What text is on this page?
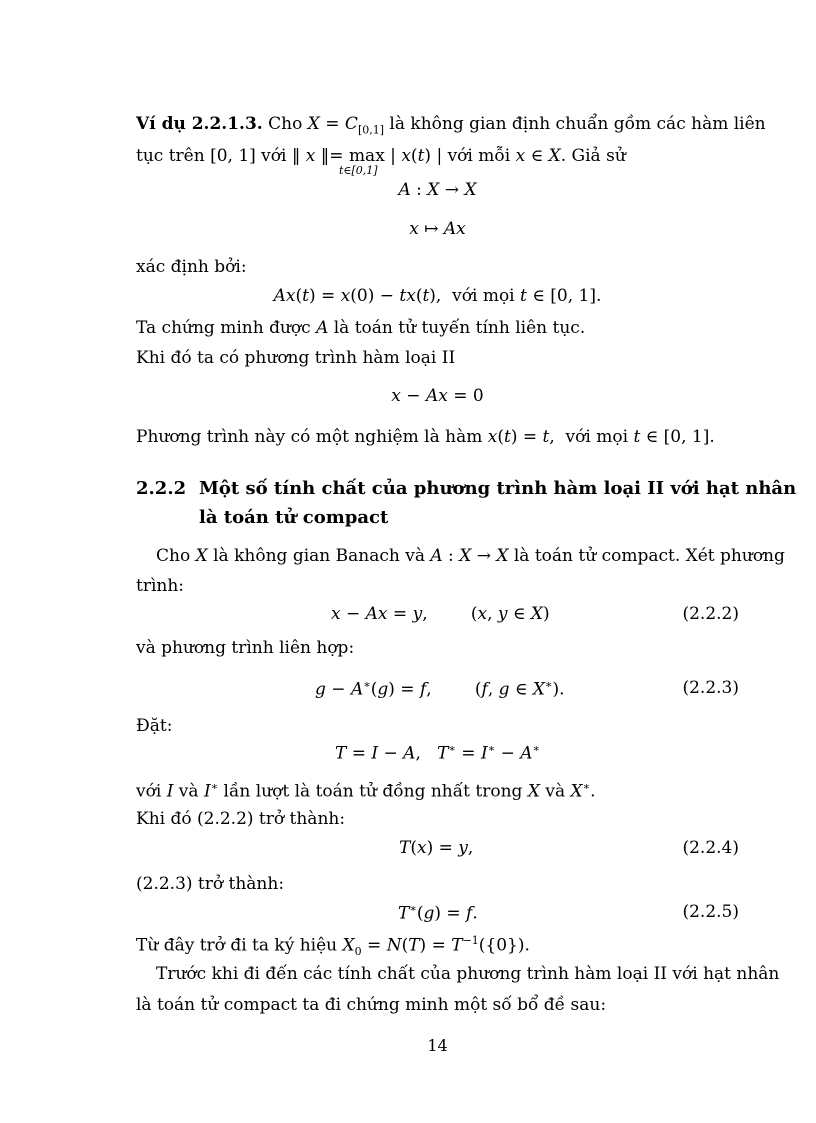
Ví dụ 2.2.1.3. Cho $X = C_{[0,1]}$ là không gian định chuẩn gồm các hàm liên
tục trên [0, 1] với ‖ x ‖= max
t∈[0,1]
| x(t) | với mỗi x ∈ X. Giả sử
A : X → X
x ↦ Ax
xác định bởi:
Ax(t) = x(0) − tx(t),  với mọi t ∈ [0, 1].
Ta chứng minh được A là toán tử tuyến tính liên tục.
Khi đó ta có phương trình hàm loại II
x − Ax = 0
Phương trình này có một nghiệm là hàm x(t) = t,  với mọi t ∈ [0, 1].
2.2.2 Một số tính chất của phương trình hàm loại II với hạt nhân
là toán tử compact
Cho X là không gian Banach và A : X → X là toán tử compact. Xét phương
trình:
x − Ax = y,        (x, y ∈ X)	(2.2.2)
và phương trình liên hợp:
g − A∗(g) = f,        (f, g ∈ X∗).	(2.2.3)
Đặt:
T = I − A,   T∗ = I∗ − A∗
với I và I∗ lần lượt là toán tử đồng nhất trong X và X∗.
Khi đó (2.2.2) trở thành:
T(x) = y,	(2.2.4)
(2.2.3) trở thành:
T∗(g) = f.	(2.2.5)
Từ đây trở đi ta ký hiệu $X_0 = N(T) = T^{-1}(\{0\})$.
Trước khi đi đến các tính chất của phương trình hàm loại II với hạt nhân
là toán tử compact ta đi chứng minh một số bổ đề sau:
14
